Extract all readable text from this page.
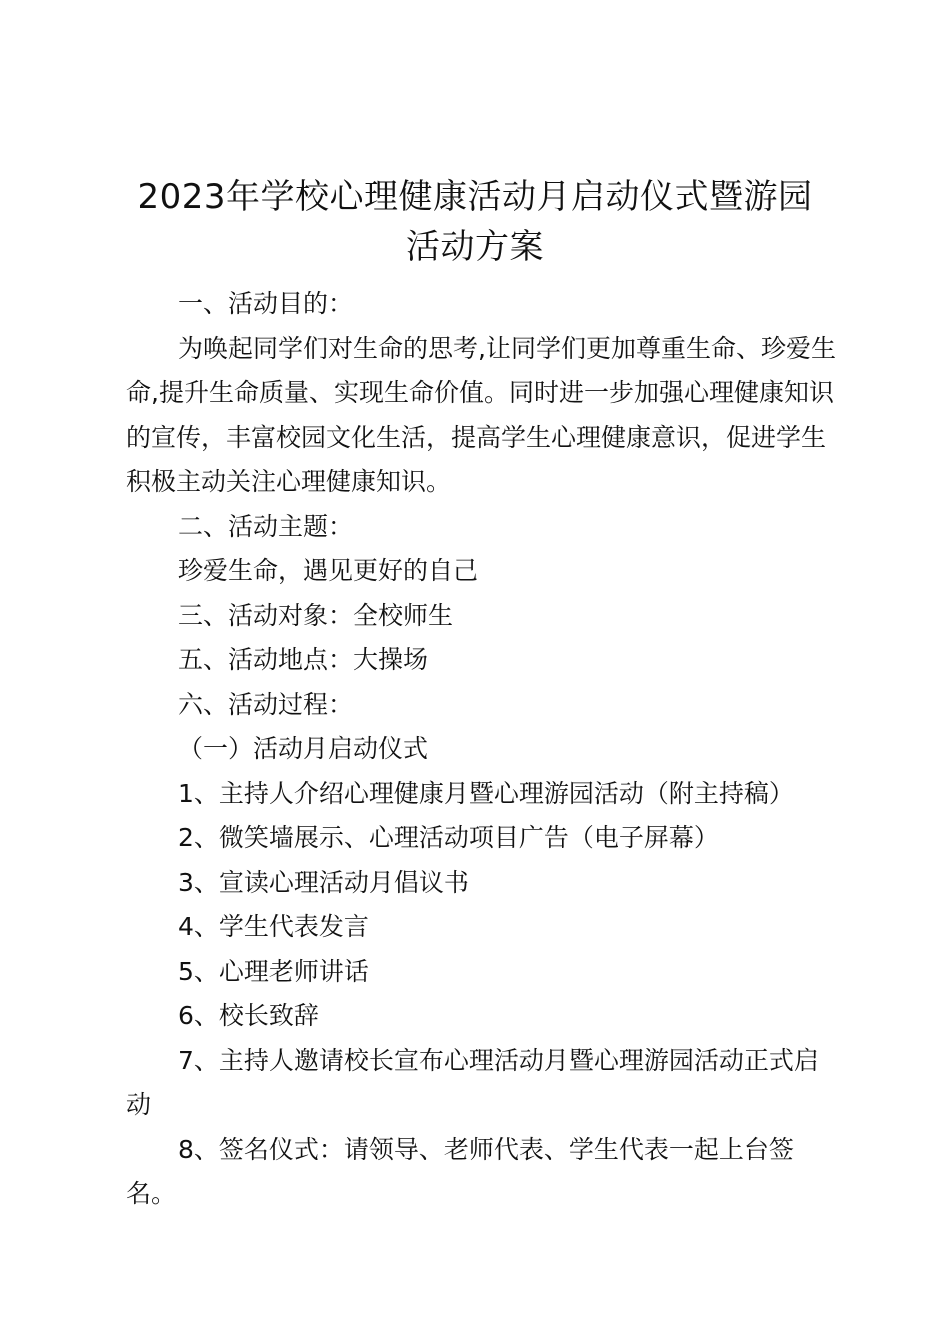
2023年学校心理健康活动月启动仪式暨游园
活动方案

一、活动目的：

为唤起同学们对生命的思考,让同学们更加尊重生命、珍爱生命,提升生命质量、实现生命价值。同时进一步加强心理健康知识的宣传，丰富校园文化生活，提高学生心理健康意识，促进学生积极主动关注心理健康知识。

二、活动主题：

珍爱生命，遇见更好的自己

三、活动对象：全校师生

五、活动地点：大操场

六、活动过程：

（一）活动月启动仪式

1、主持人介绍心理健康月暨心理游园活动（附主持稿）

2、微笑墙展示、心理活动项目广告（电子屏幕）

3、宣读心理活动月倡议书

4、学生代表发言

5、心理老师讲话

6、校长致辞

7、主持人邀请校长宣布心理活动月暨心理游园活动正式启动

8、签名仪式：请领导、老师代表、学生代表一起上台签名。
